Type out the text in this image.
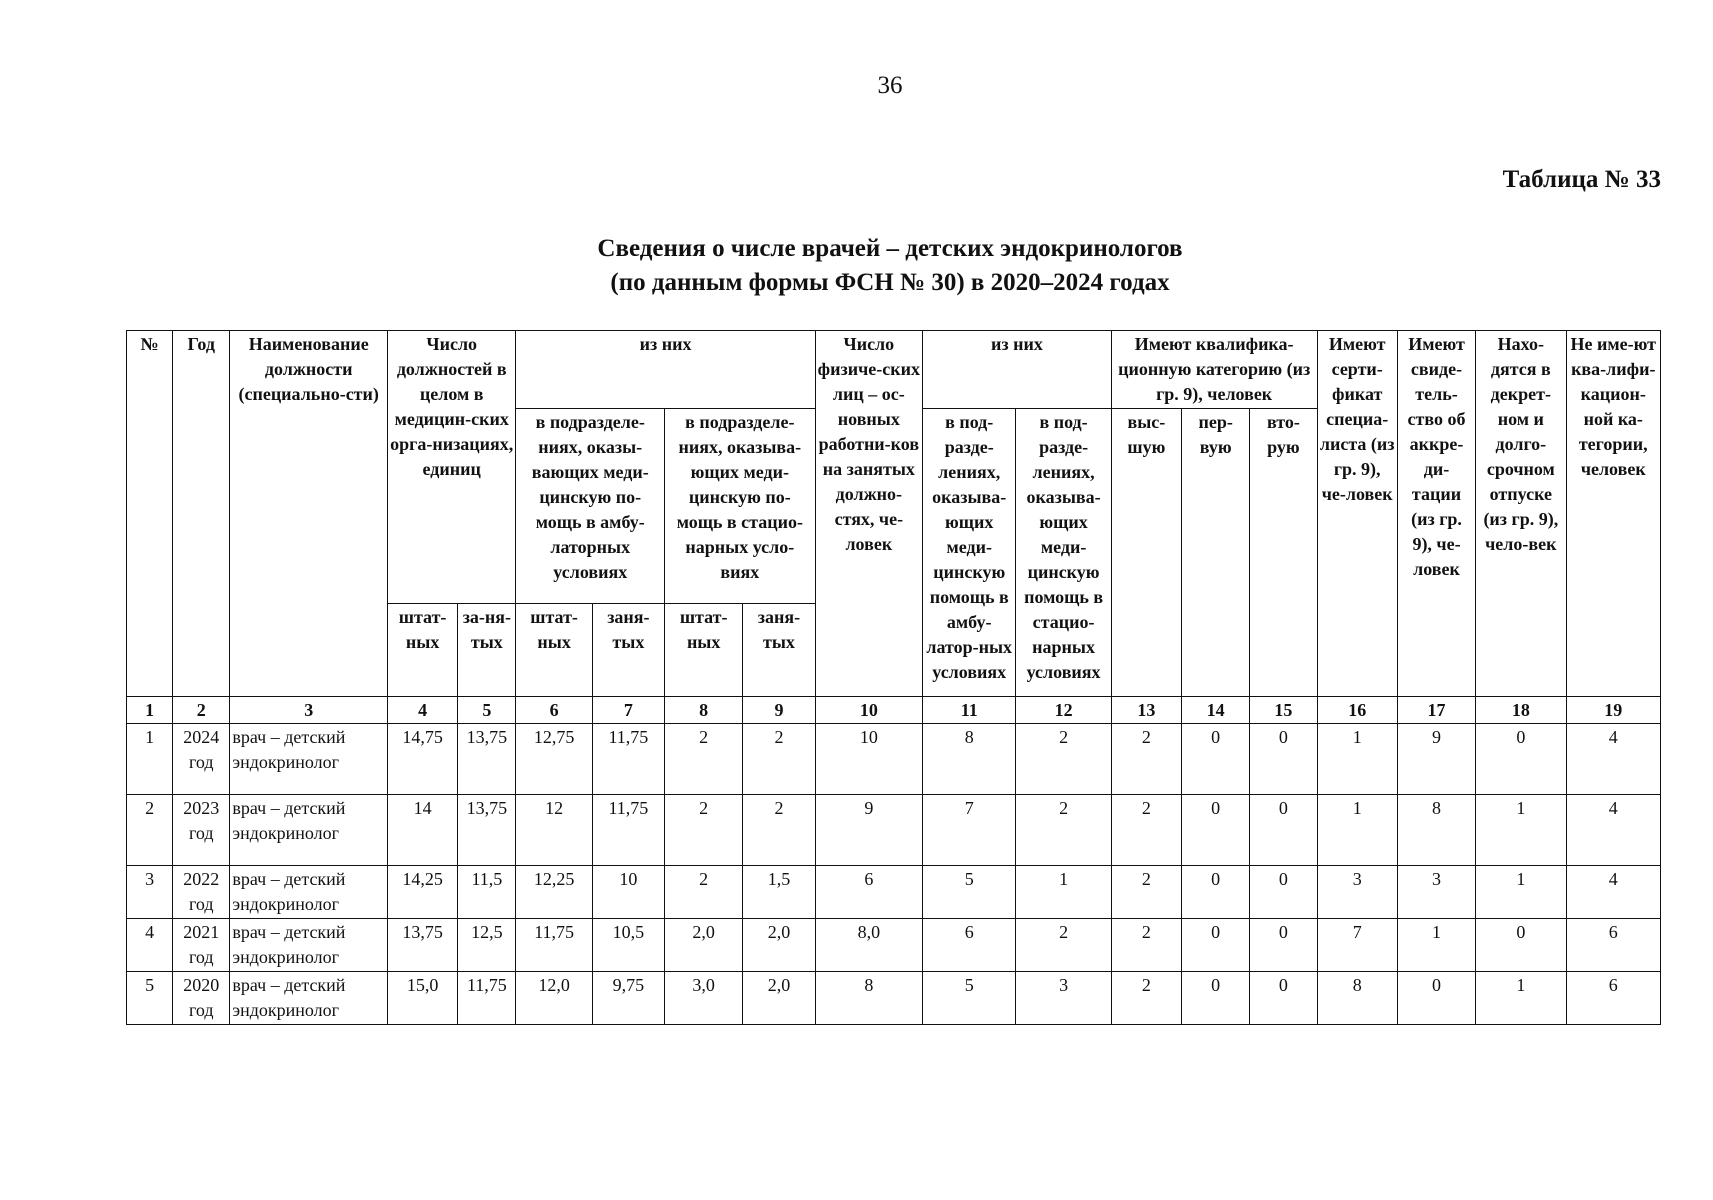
36
Таблица № 33
Сведения о числе врачей – детских эндокринологов
(по данным формы ФСН № 30) в 2020–2024 годах
№	Год	Наименование должности (специально-сти)	Число должностей в целом в медицин-ских орга-низациях, единиц		из них				Число физиче-ских лиц – ос-новных работни-ков на занятых должно-стях, че-ловек	из них		Имеют квалифика-ционную категорию (из гр. 9), человек			Имеют серти-фикат специа-листа (из гр. 9), че-ловек	Имеют свиде-тель-ство об аккре-ди-тации (из гр. 9), че-ловек	Нахо-дятся в декрет-ном и долго-срочном отпуске (из гр. 9), чело-век	Не име-ют ква-лифи-кацион-ной ка-тегории, человек
					в подразделе-ниях, оказы-вающих меди-цинскую по-мощь в амбу-латорных условиях		в подразделе-ниях, оказыва-ющих меди-цинскую по-мощь в стацио-нарных усло-виях			в под-разде-лениях, оказыва-ющих меди-цинскую помощь в амбу-латор-ных условиях	в под-разде-лениях, оказыва-ющих меди-цинскую помощь в стацио-нарных условиях	выс-шую	пер-вую	вто-рую				
			штат-ных	за-ня-тых	штат-ных	заня-тых	штат-ных	заня-тых										
1	2	3	4	5	6	7	8	9	10	11	12	13	14	15	16	17	18	19
1	2024 год	врач – детский эндокринолог	14,75	13,75	12,75	11,75	2	2	10	8	2	2	0	0	1	9	0	4
2	2023 год	врач – детский эндокринолог	14	13,75	12	11,75	2	2	9	7	2	2	0	0	1	8	1	4
3	2022 год	врач – детский эндокринолог	14,25	11,5	12,25	10	2	1,5	6	5	1	2	0	0	3	3	1	4
4	2021 год	врач – детский эндокринолог	13,75	12,5	11,75	10,5	2,0	2,0	8,0	6	2	2	0	0	7	1	0	6
5	2020 год	врач – детский эндокринолог	15,0	11,75	12,0	9,75	3,0	2,0	8	5	3	2	0	0	8	0	1	6
